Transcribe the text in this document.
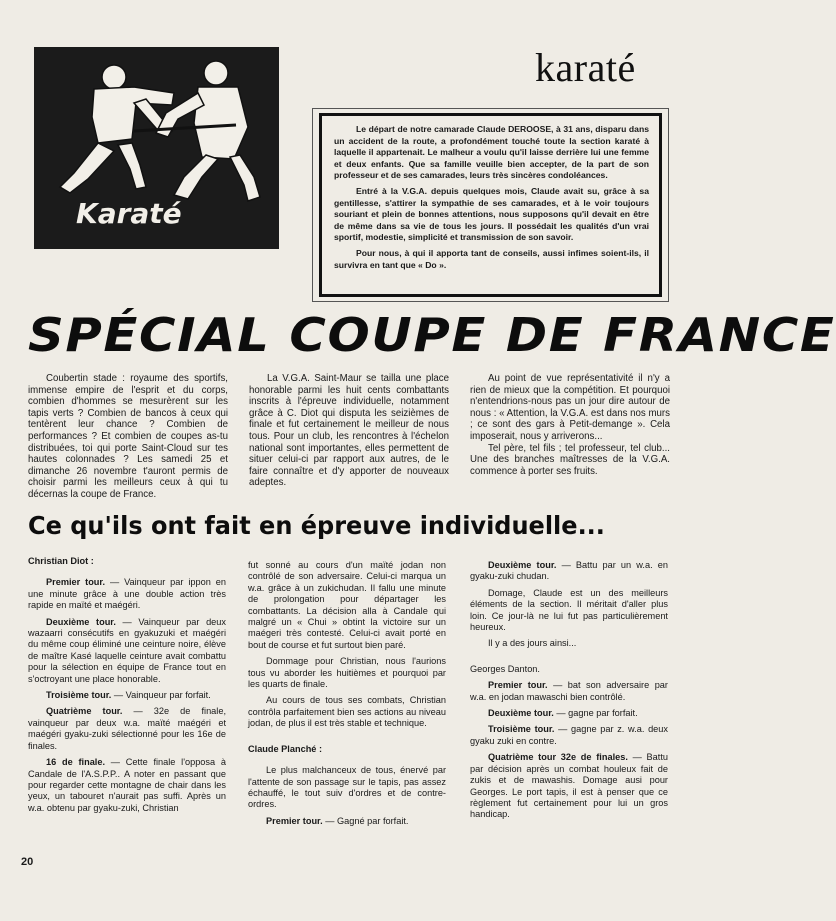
Karaté
karaté

Le départ de notre camarade Claude DEROOSE, à 31 ans, disparu dans un accident de la route, a profondément touché toute la section karaté à laquelle il appartenait. Le malheur a voulu qu'il laisse derrière lui une femme et deux enfants. Que sa famille veuille bien accepter, de la part de son professeur et de ses camarades, leurs très sincères condoléances.

Entré à la V.G.A. depuis quelques mois, Claude avait su, grâce à sa gentillesse, s'attirer la sympathie de ses camarades, et à le voir toujours souriant et plein de bonnes attentions, nous supposons qu'il devait en être de même dans sa vie de tous les jours. Il possédait les qualités d'un vrai sportif, modestie, simplicité et transmission de son savoir.

Pour nous, à qui il apporta tant de conseils, aussi infimes soient-ils, il survivra en tant que « Do ».

SPÉCIAL COUPE DE FRANCE

Coubertin stade : royaume des sportifs, immense empire de l'esprit et du corps, combien d'hommes se mesurèrent sur les tapis verts ? Combien de bancos à ceux qui tentèrent leur chance ? Combien de performances ? Et combien de coupes as-tu distribuées, toi qui porte Saint-Cloud sur tes hautes colonnades ? Les samedi 25 et dimanche 26 novembre t'auront permis de choisir parmi les meilleurs ceux à qui tu décernas la coupe de France.

La V.G.A. Saint-Maur se tailla une place honorable parmi les huit cents combattants inscrits à l'épreuve individuelle, notamment grâce à C. Diot qui disputa les seizièmes de finale et fut certainement le meilleur de nous tous. Pour un club, les rencontres à l'échelon national sont importantes, elles permettent de situer celui-ci par rapport aux autres, de le faire connaître et d'y apporter de nouveaux adeptes.

Au point de vue représentativité il n'y a rien de mieux que la compétition. Et pourquoi n'entendrions-nous pas un jour dire autour de nous : « Attention, la V.G.A. est dans nos murs ; ce sont des gars à Petit-demange ». Cela imposerait, nous y arriverons...

Tel père, tel fils ; tel professeur, tel club... Une des branches maîtresses de la V.G.A. commence à porter ses fruits.

Ce qu'ils ont fait en épreuve individuelle...

Christian Diot :

Premier tour. — Vainqueur par ippon en une minute grâce à une double action très rapide en maïté et maégéri.

Deuxième tour. — Vainqueur par deux wazaarri consécutifs en gyakuzuki et maégéri du même coup éliminé une ceinture noire, élève de maître Kasé laquelle ceinture avait combattu pour la sélection en équipe de France tout en s'octroyant une place honorable.

Troisième tour. — Vainqueur par forfait.

Quatrième tour. — 32e de finale, vainqueur par deux w.a. maïté maégéri et maégéri gyaku-zuki sélectionné pour les 16e de finales.

16 de finale. — Cette finale l'opposa à Candale de l'A.S.P.P.. A noter en passant que pour regarder cette montagne de chair dans les yeux, un tabouret n'aurait pas suffi. Après un w.a. obtenu par gyaku-zuki, Christian

fut sonné au cours d'un maïté jodan non contrôlé de son adversaire. Celui-ci marqua un w.a. grâce à un zukichudan. Il fallu une minute de prolongation pour départager les combattants. La décision alla à Candale qui malgré un « Chui » obtint la victoire sur un maégeri très contesté. Celui-ci avait porté en bout de course et fut surtout bien paré.

Dommage pour Christian, nous l'aurions tous vu aborder les huitièmes et pourquoi par les quarts de finale.

Au cours de tous ses combats, Christian contrôla parfaitement bien ses actions au niveau jodan, de plus il est très stable et technique.

Claude Planché :

Le plus malchanceux de tous, énervé par l'attente de son passage sur le tapis, pas assez échauffé, le tout suiv d'ordres et de contre-ordres.

Premier tour. — Gagné par forfait.

Deuxième tour. — Battu par un w.a. en gyaku-zuki chudan.

Domage, Claude est un des meilleurs éléments de la section. Il méritait d'aller plus loin. Ce jour-là ne lui fut pas particulièrement heureux.

Il y a des jours ainsi...

Georges Danton.

Premier tour. — bat son adversaire par w.a. en jodan mawaschi bien contrôlé.

Deuxième tour. — gagne par forfait.

Troisième tour. — gagne par z. w.a. deux gyaku zuki en contre.

Quatrième tour 32e de finales. — Battu par décision après un combat houleux fait de zukis et de mawashis. Domage ausi pour Georges. Le port tapis, il est à penser que ce règlement fut certainement pour lui un gros handicap.

20
